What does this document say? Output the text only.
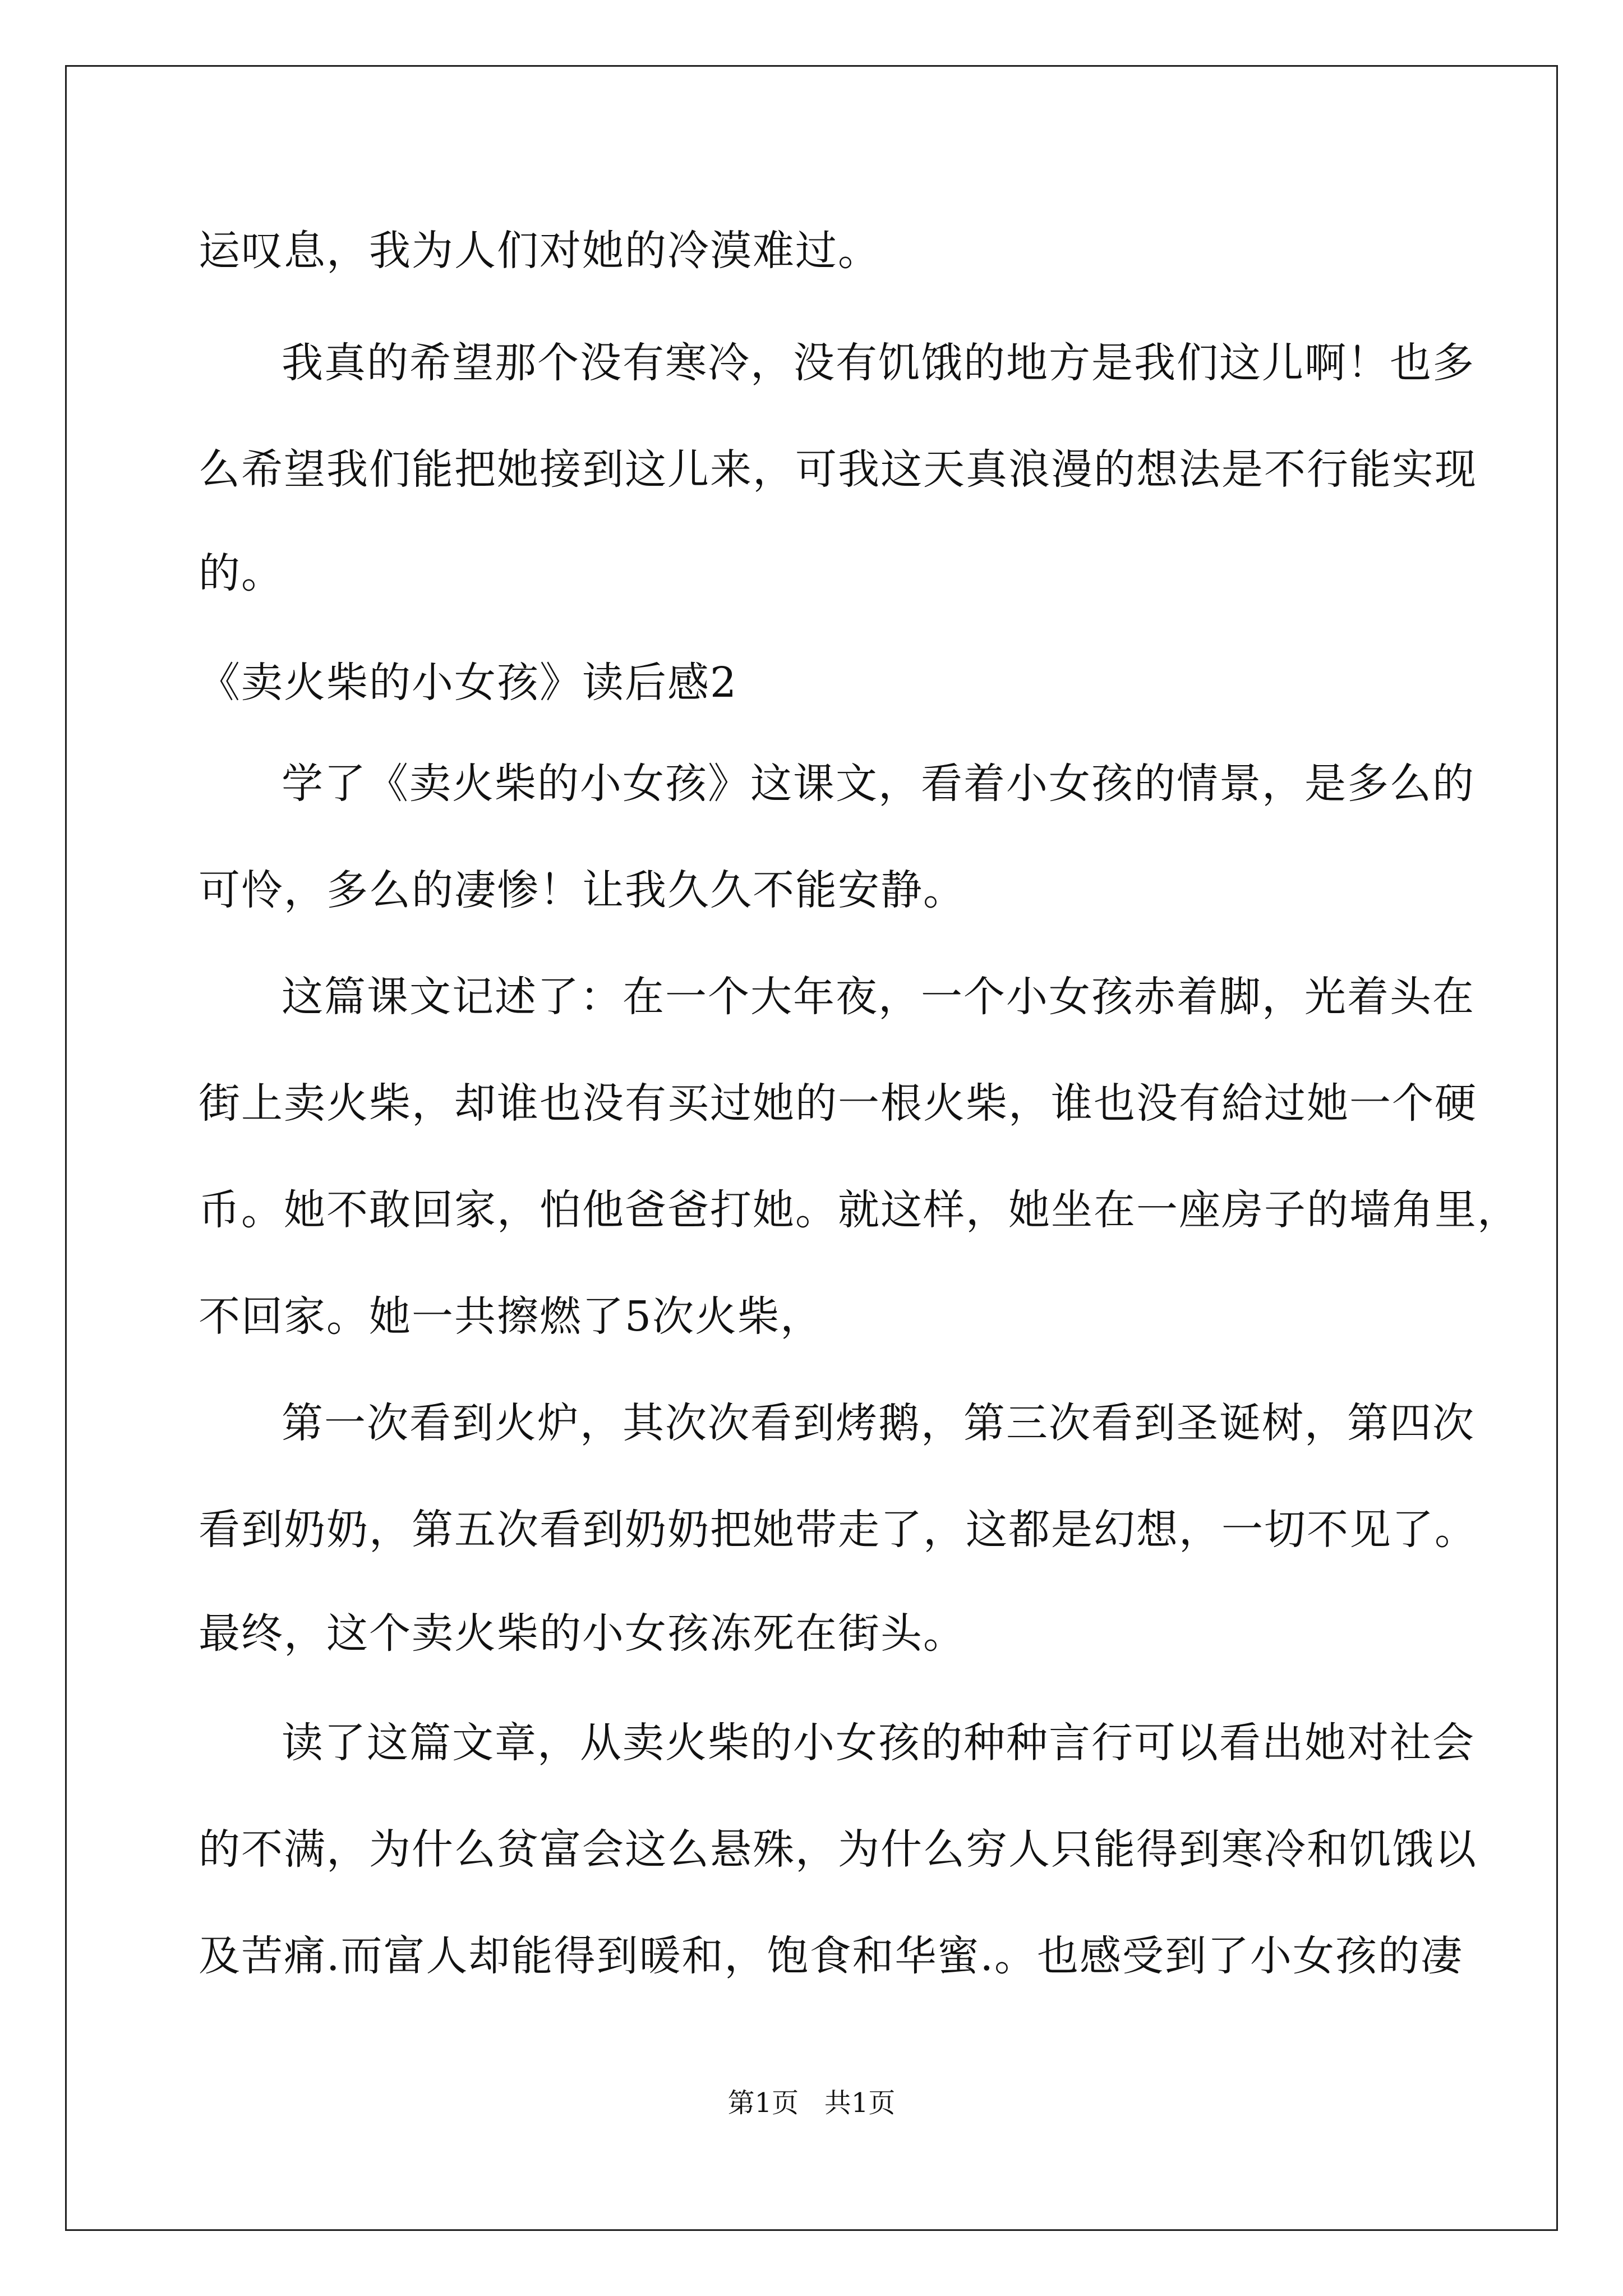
运叹息，我为人们对她的冷漠难过。
我真的希望那个没有寒冷，没有饥饿的地方是我们这儿啊！也多
么希望我们能把她接到这儿来，可我这天真浪漫的想法是不行能实现
的。
《卖火柴的小女孩》读后感2
学了《卖火柴的小女孩》这课文，看着小女孩的情景，是多么的
可怜，多么的凄惨！让我久久不能安静。
这篇课文记述了：在一个大年夜，一个小女孩赤着脚，光着头在
街上卖火柴，却谁也没有买过她的一根火柴，谁也没有給过她一个硬
币。她不敢回家，怕他爸爸打她。就这样，她坐在一座房子的墙角里，
不回家。她一共擦燃了5次火柴，
第一次看到火炉，其次次看到烤鹅，第三次看到圣诞树，第四次
看到奶奶，第五次看到奶奶把她带走了，这都是幻想，一切不见了。
最终，这个卖火柴的小女孩冻死在街头。
读了这篇文章，从卖火柴的小女孩的种种言行可以看出她对社会
的不满，为什么贫富会这么悬殊，为什么穷人只能得到寒冷和饥饿以
及苦痛.而富人却能得到暖和，饱食和华蜜.。也感受到了小女孩的凄
第1页   共1页
